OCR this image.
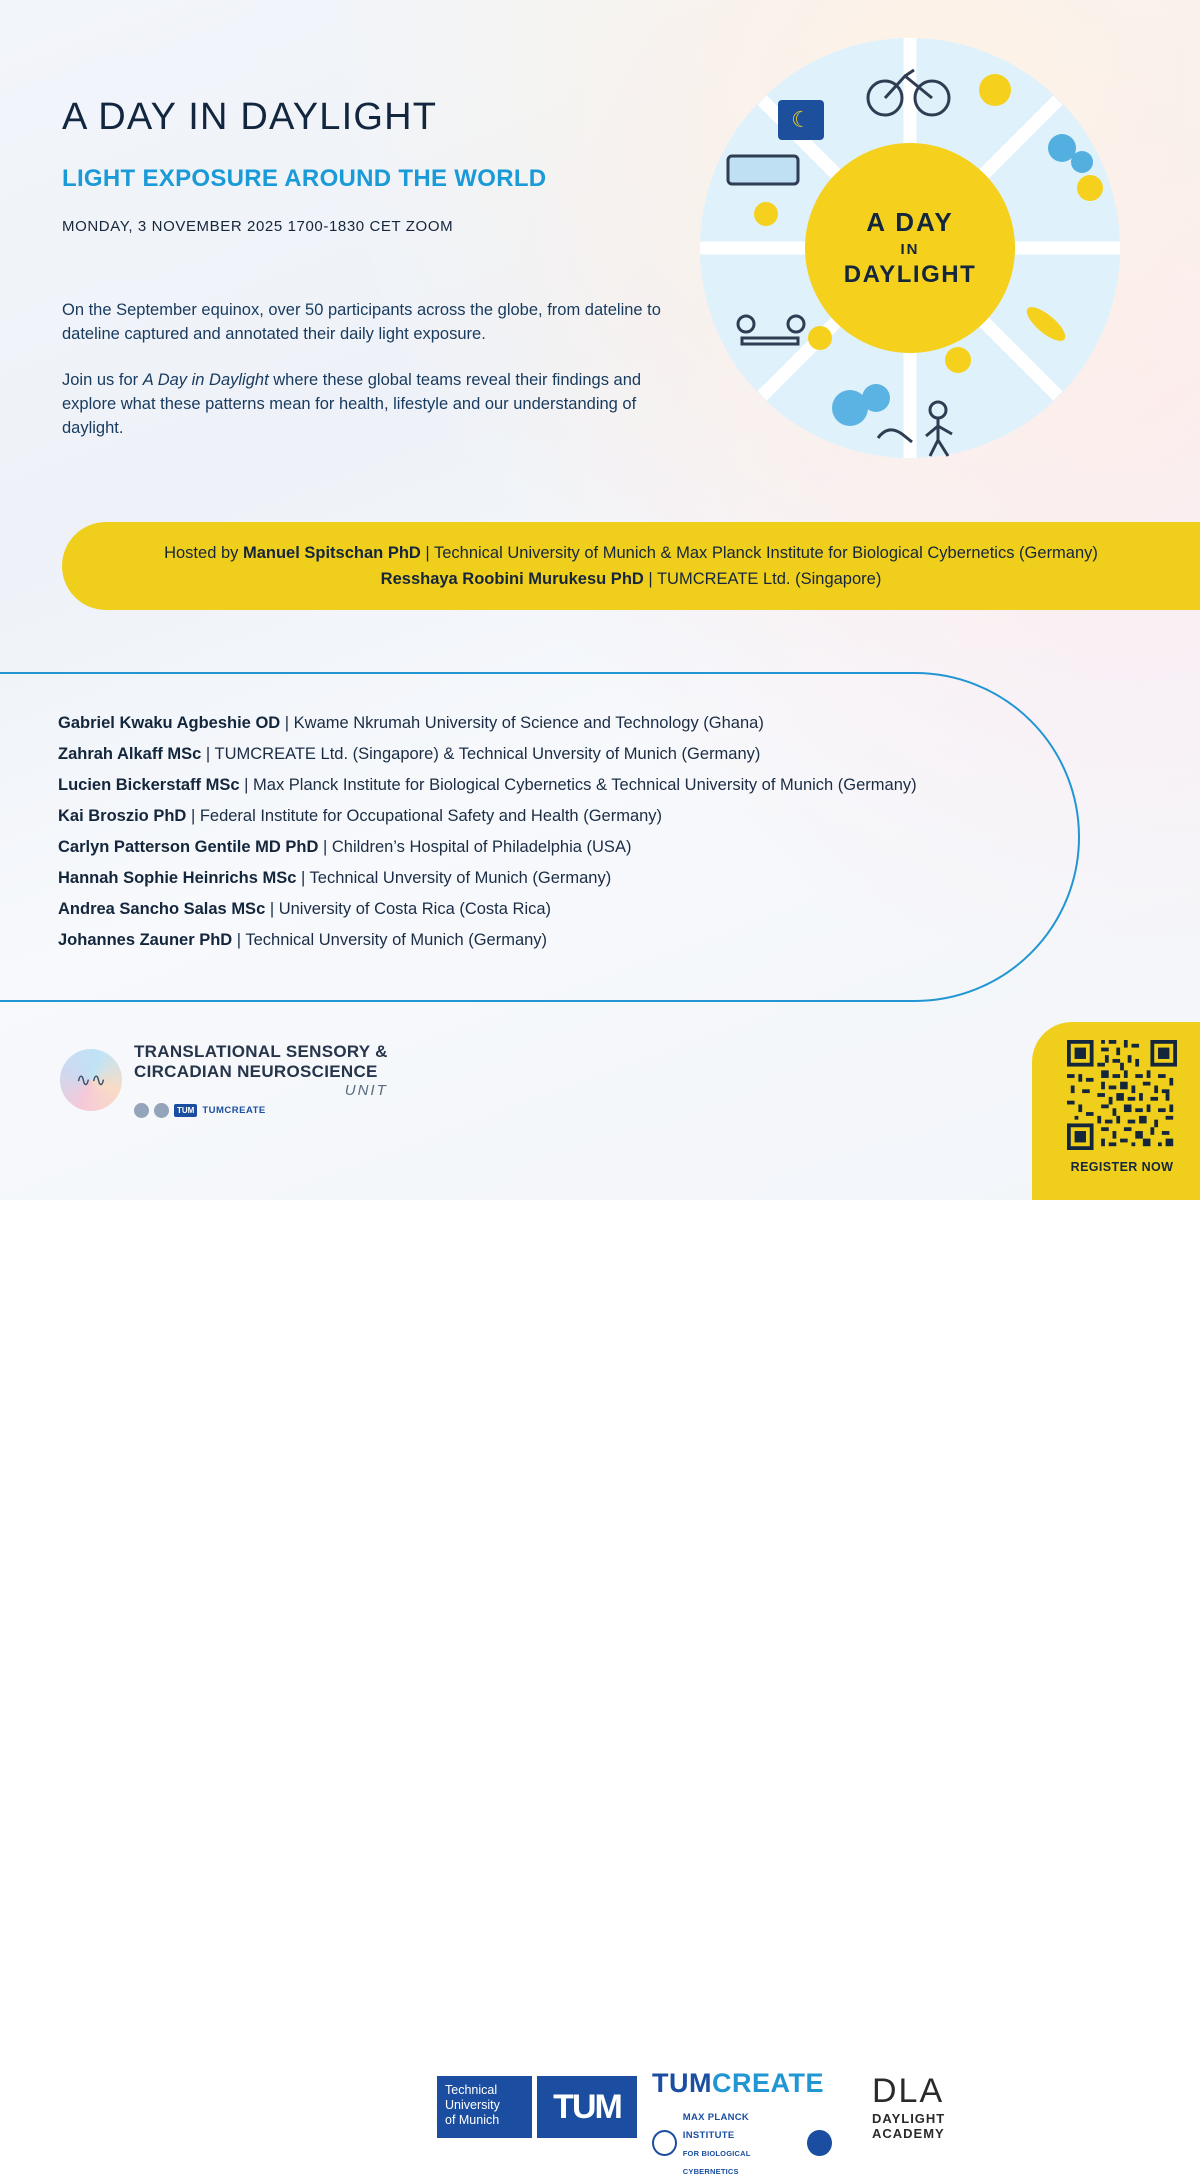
A DAY IN DAYLIGHT
LIGHT EXPOSURE AROUND THE WORLD
MONDAY, 3 NOVEMBER 2025 1700-1830 CET ZOOM
On the September equinox, over 50 participants across the globe, from dateline to dateline captured and annotated their daily light exposure.
Join us for A Day in Daylight where these global teams reveal their findings and explore what these patterns mean for health, lifestyle and our understanding of daylight.
A DAY
IN
DAYLIGHT
☾
Hosted by Manuel Spitschan PhD | Technical University of Munich & Max Planck Institute for Biological Cybernetics (Germany)
Resshaya Roobini Murukesu PhD | TUMCREATE Ltd. (Singapore)
Gabriel Kwaku Agbeshie OD | Kwame Nkrumah University of Science and Technology (Ghana)
Zahrah Alkaff MSc | TUMCREATE Ltd. (Singapore) & Technical Unversity of Munich (Germany)
Lucien Bickerstaff MSc | Max Planck Institute for Biological Cybernetics & Technical University of Munich (Germany)
Kai Broszio PhD | Federal Institute for Occupational Safety and Health (Germany)
Carlyn Patterson Gentile MD PhD | Children’s Hospital of Philadelphia (USA)
Hannah Sophie Heinrichs MSc | Technical Unversity of Munich (Germany)
Andrea Sancho Salas MSc | University of Costa Rica (Costa Rica)
Johannes Zauner PhD | Technical Unversity of Munich (Germany)
∿∿
TRANSLATIONAL SENSORY &
CIRCADIAN NEUROSCIENCE
UNIT
TUM TUMCREATE
Technical
University
of Munich	TUM
TUMCREATE
MAX PLANCK INSTITUTE
FOR BIOLOGICAL CYBERNETICS
DLA
DAYLIGHT
ACADEMY
REGISTER NOW
